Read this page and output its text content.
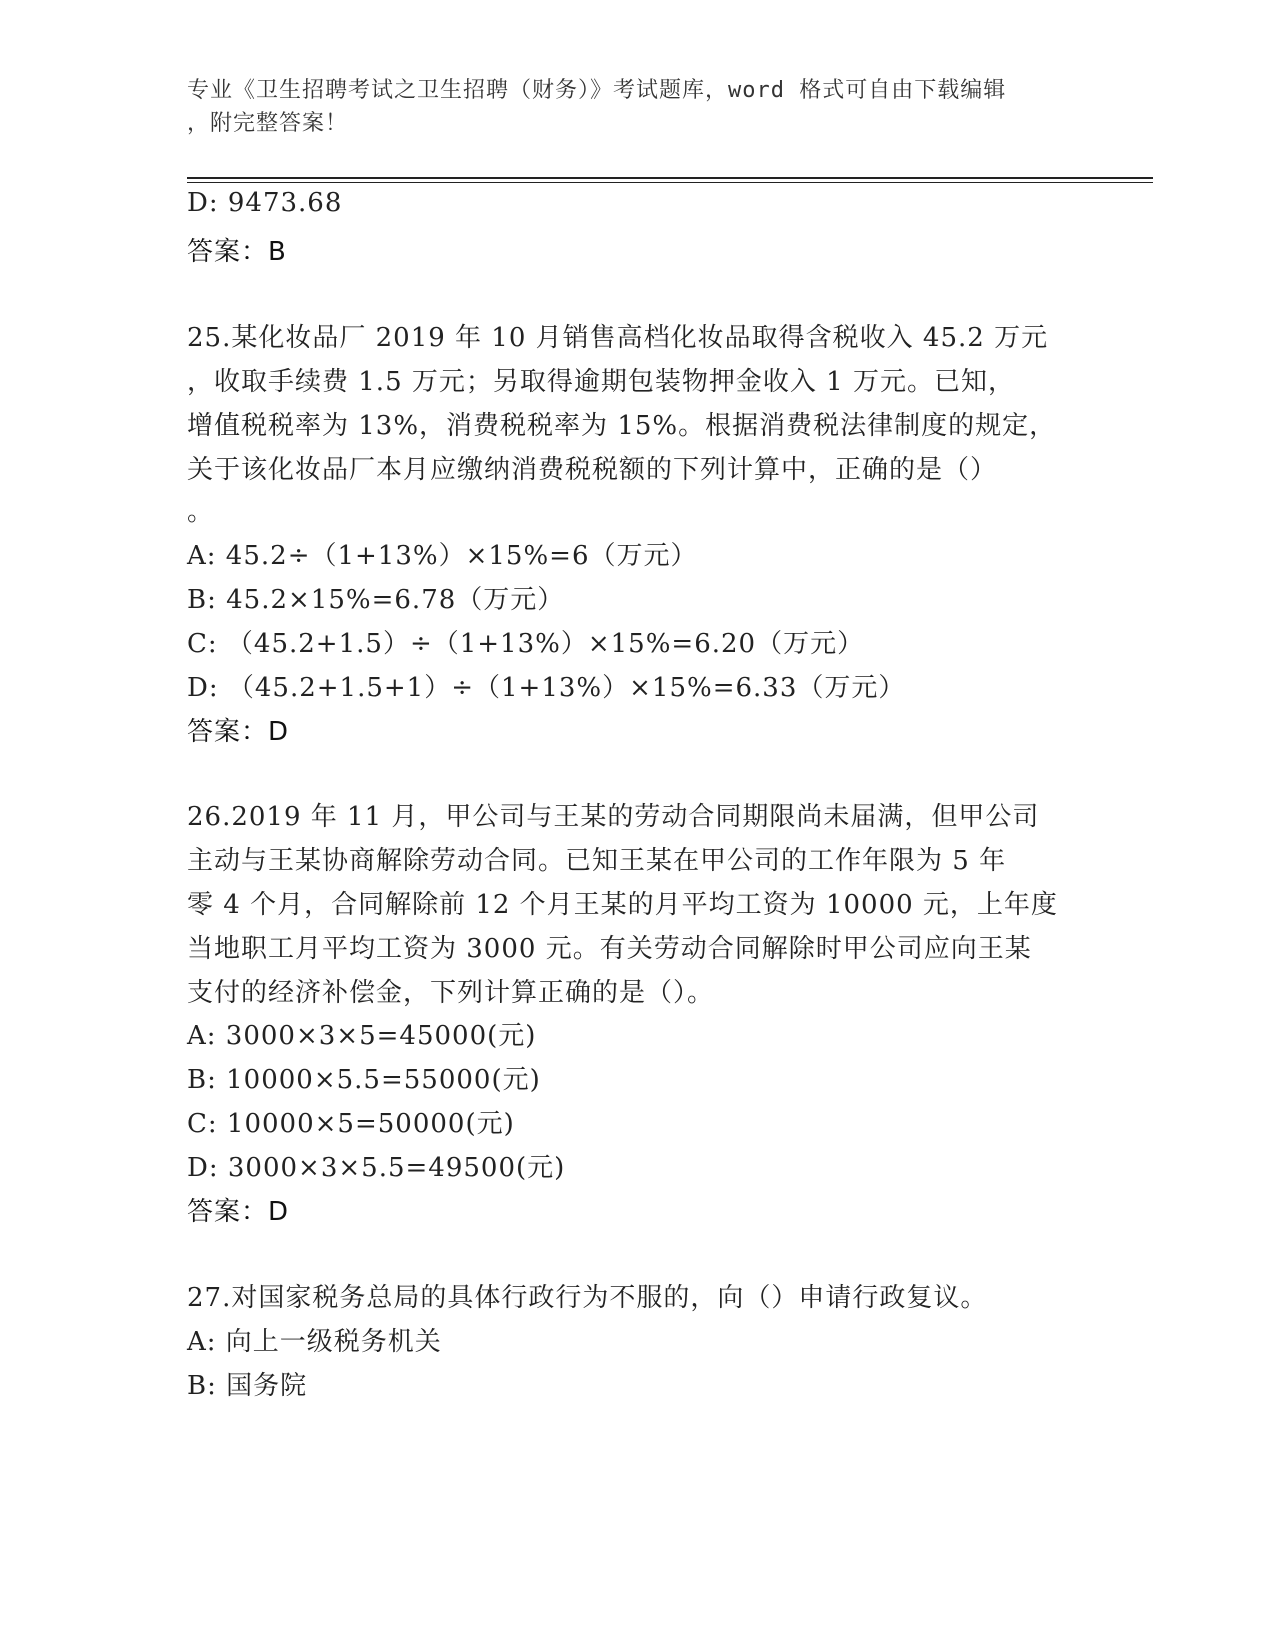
专业《卫生招聘考试之卫生招聘（财务）》考试题库，word 格式可自由下载编辑
，附完整答案！
D: 9473.68
答案：B
25.某化妆品厂 2019 年 10 月销售高档化妆品取得含税收入 45.2 万元
，收取手续费 1.5 万元；另取得逾期包装物押金收入 1 万元。已知，
增值税税率为 13%，消费税税率为 15%。根据消费税法律制度的规定，
关于该化妆品厂本月应缴纳消费税税额的下列计算中，正确的是（）
。
A: 45.2÷（1+13%）×15%=6（万元）
B: 45.2×15%=6.78（万元）
C: （45.2+1.5）÷（1+13%）×15%=6.20（万元）
D: （45.2+1.5+1）÷（1+13%）×15%=6.33（万元）
答案：D
26.2019 年 11 月，甲公司与王某的劳动合同期限尚未届满，但甲公司
主动与王某协商解除劳动合同。已知王某在甲公司的工作年限为 5 年
零 4 个月，合同解除前 12 个月王某的月平均工资为 10000 元，上年度
当地职工月平均工资为 3000 元。有关劳动合同解除时甲公司应向王某
支付的经济补偿金，下列计算正确的是（）。
A: 3000×3×5=45000(元)
B: 10000×5.5=55000(元)
C: 10000×5=50000(元)
D: 3000×3×5.5=49500(元)
答案：D
27.对国家税务总局的具体行政行为不服的，向（）申请行政复议。
A: 向上一级税务机关
B: 国务院
